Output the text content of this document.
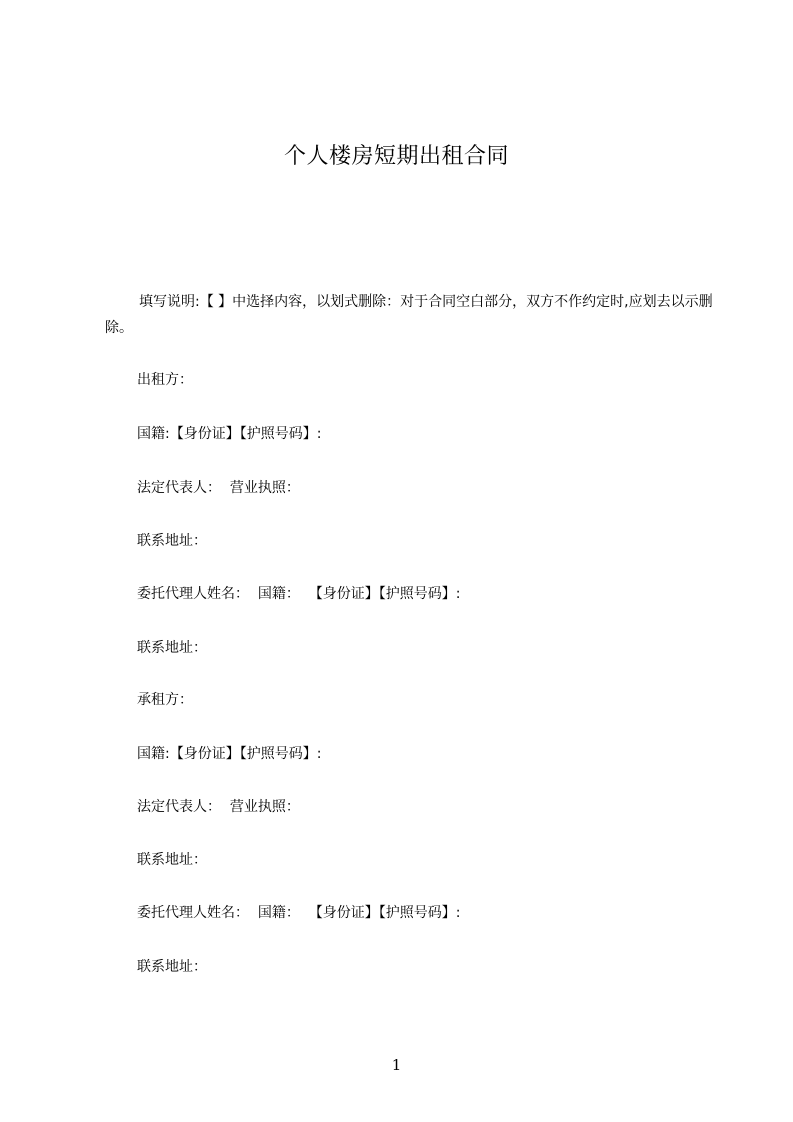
个人楼房短期出租合同
填写说明:【 】中选择内容，以划式删除：对于合同空白部分，双方不作约定时,应划去以示删除。
出租方：
国籍:【身份证】【护照号码】:
法定代表人：  营业执照：
联系地址：
委托代理人姓名：  国籍：  【身份证】【护照号码】:
联系地址：
承租方：
国籍:【身份证】【护照号码】:
法定代表人：  营业执照：
联系地址：
委托代理人姓名：  国籍：  【身份证】【护照号码】:
联系地址：
1
